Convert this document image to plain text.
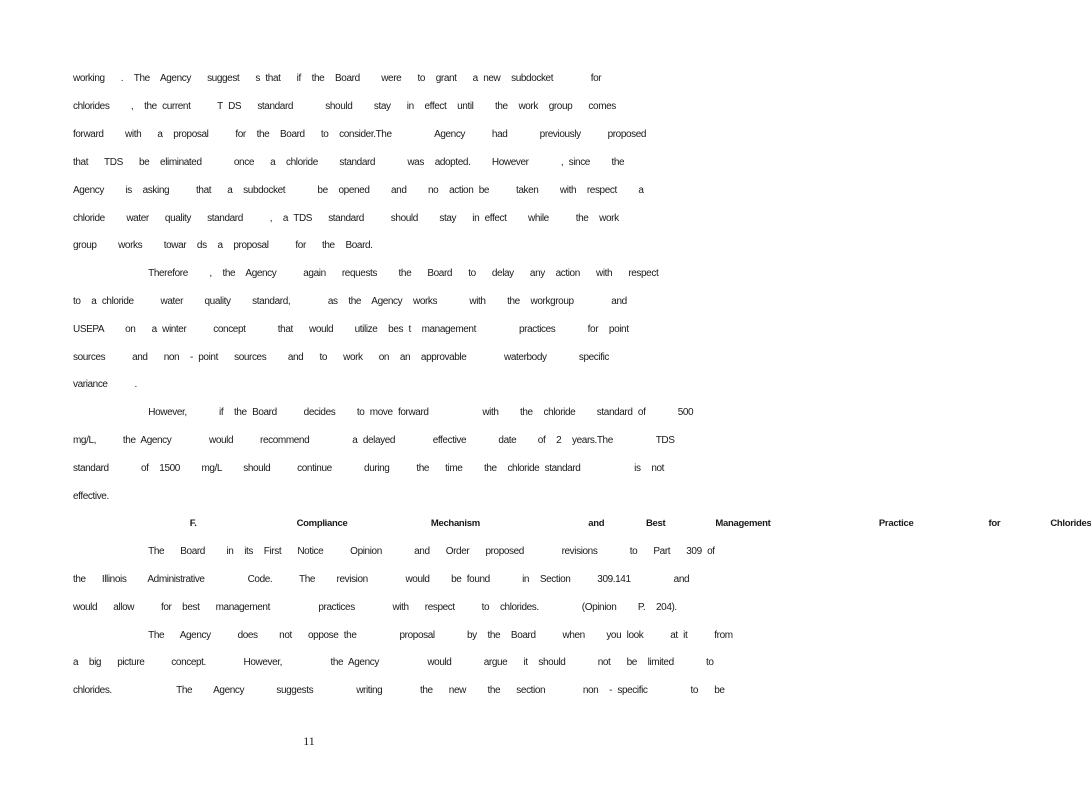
working   .  The  Agency   suggest   s that   if  the  Board    were   to  grant   a new  subdocket       for
chlorides    ,  the current     T DS   standard      should    stay   in  effect  until    the  work  group   comes
forward    with   a  proposal     for  the  Board   to  consider.The        Agency     had      previously     proposed
that   TDS   be  eliminated      once   a  chloride    standard      was  adopted.    However      , since    the
Agency    is  asking     that   a  subdocket      be  opened    and    no  action be     taken    with  respect    a
chloride    water   quality   standard     ,  a TDS   standard     should    stay   in effect    while     the  work
group    works    towar  ds  a  proposal     for   the  Board.
Therefore    ,  the  Agency     again   requests    the   Board   to   delay   any  action   with   respect
to  a chloride     water    quality    standard,       as  the  Agency  works      with    the  workgroup       and
USEPA    on   a winter     concept      that   would    utilize  bes t  management        practices      for  point
sources     and   non  - point   sources    and   to   work   on  an  approvable       waterbody      specific
variance     .
However,      if  the Board     decides    to move forward          with    the  chloride    standard of      500
mg/L,     the Agency       would     recommend        a delayed       effective      date    of  2  years.The        TDS
standard      of  1500    mg/L    should     continue      during     the   time    the  chloride standard          is  not
effective.
F.            Compliance          Mechanism             and     Best      Management             Practice         for      Chlorides
The   Board    in  its  First   Notice     Opinion      and   Order   proposed       revisions      to   Part   309 of
the   Illinois    Administrative        Code.     The    revision       would    be found      in  Section     309.141        and
would   allow     for  best   management         practices       with   respect     to  chlorides.        (Opinion    P.  204).
The   Agency     does    not   oppose the        proposal      by  the  Board     when    you look     at it     from
a  big   picture     concept.       However,         the Agency         would      argue   it  should      not   be  limited      to
chlorides.            The    Agency      suggests        writing       the   new    the   section       non  - specific        to   be
11
